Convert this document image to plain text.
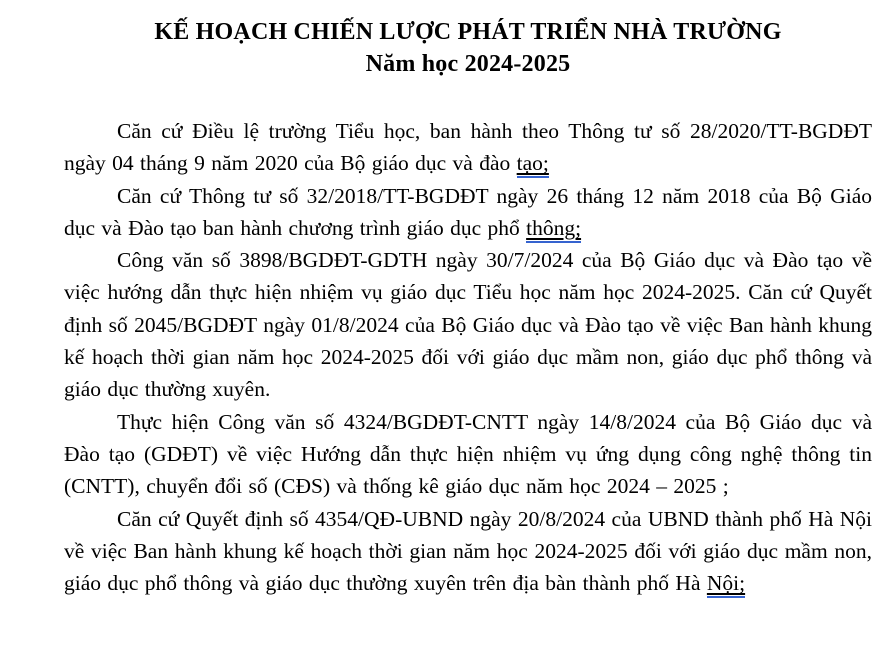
KẾ HOẠCH CHIẾN LƯỢC PHÁT TRIỂN NHÀ TRƯỜNG
Năm học 2024-2025

Căn cứ Điều lệ trường Tiểu học, ban hành theo Thông tư số 28/2020/TT-BGDĐT ngày 04 tháng 9 năm 2020 của Bộ giáo dục và đào tạo;

Căn cứ Thông tư số 32/2018/TT-BGDĐT ngày 26 tháng 12 năm 2018 của Bộ Giáo dục và Đào tạo ban hành chương trình giáo dục phổ thông;

Công văn số 3898/BGDĐT-GDTH ngày 30/7/2024 của Bộ Giáo dục và Đào tạo về việc hướng dẫn thực hiện nhiệm vụ giáo dục Tiểu học năm học 2024-2025. Căn cứ Quyết định số 2045/BGDĐT ngày 01/8/2024 của Bộ Giáo dục và Đào tạo về việc Ban hành khung kế hoạch thời gian năm học 2024-2025 đối với giáo dục mầm non, giáo dục phổ thông và giáo dục thường xuyên.

Thực hiện Công văn số 4324/BGDĐT-CNTT ngày 14/8/2024 của Bộ Giáo dục và Đào tạo (GDĐT) về việc Hướng dẫn thực hiện nhiệm vụ ứng dụng công nghệ thông tin (CNTT), chuyển đổi số (CĐS) và thống kê giáo dục năm học 2024 – 2025 ;

Căn cứ Quyết định số 4354/QĐ-UBND ngày 20/8/2024 của UBND thành phố Hà Nội về việc Ban hành khung kế hoạch thời gian năm học 2024-2025 đối với giáo dục mầm non, giáo dục phổ thông và giáo dục thường xuyên trên địa bàn thành phố Hà Nội;
